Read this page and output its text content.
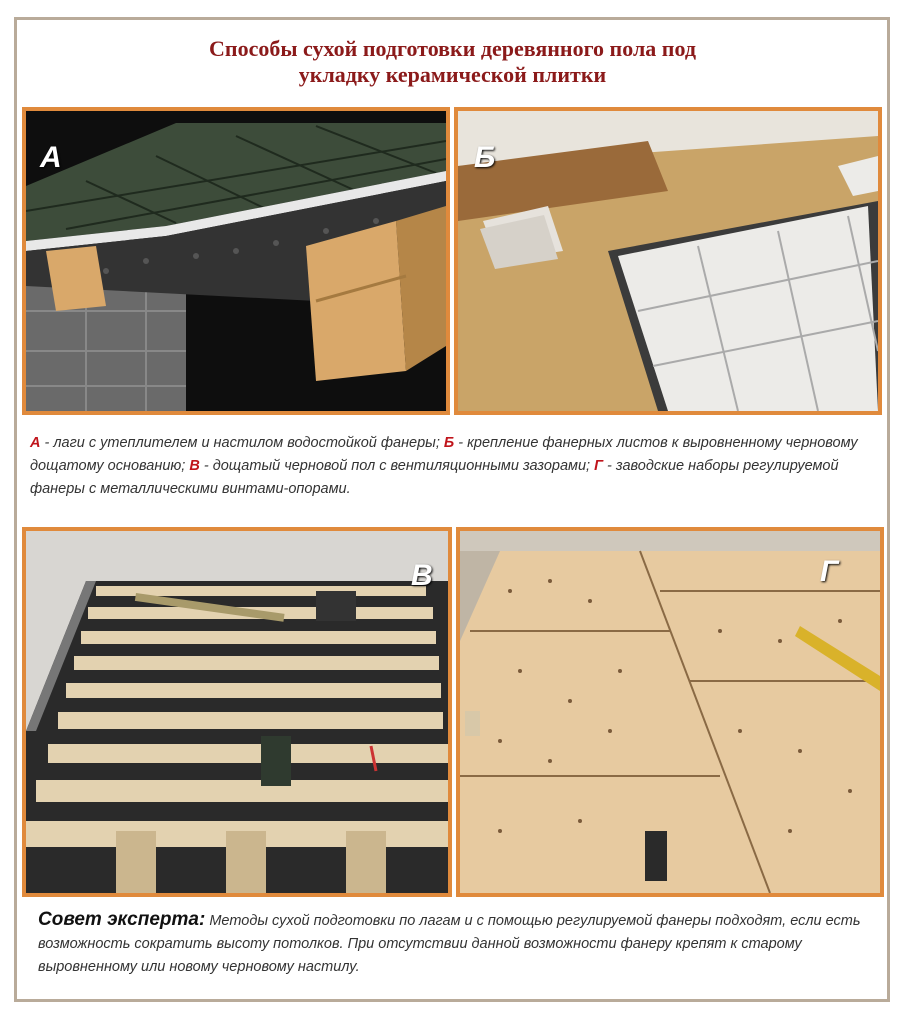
Способы сухой подготовки деревянного пола под
укладку керамической плитки
А	Б
А - лаги с утеплителем и настилом водостойкой фанеры; Б - крепление фанерных листов к выровненному черновому дощатому основанию; В - дощатый черновой пол с вентиляционными зазорами; Г - заводские наборы регулируемой фанеры с металлическими винтами-опорами.
В	Г
Совет эксперта: Методы сухой подготовки по лагам и с помощью регулируемой фанеры подходят, если есть возможность сократить высоту потолков. При отсутствии данной возможности фанеру крепят к старому выровненному или новому черновому настилу.
